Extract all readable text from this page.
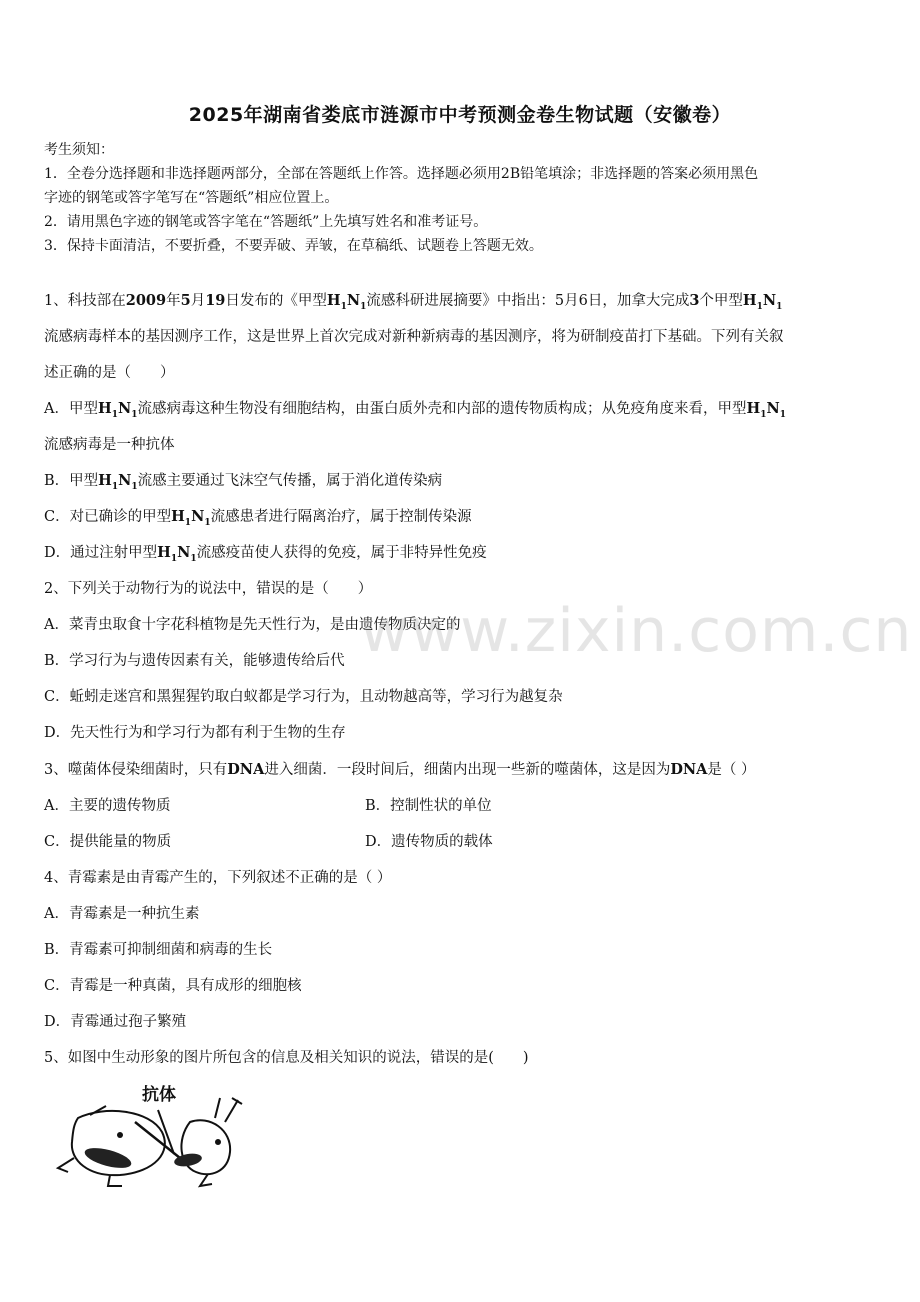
2025年湖南省娄底市涟源市中考预测金卷生物试题（安徽卷）

考生须知：

1．全卷分选择题和非选择题两部分，全部在答题纸上作答。选择题必须用2B铅笔填涂；非选择题的答案必须用黑色

字迹的钢笔或答字笔写在“答题纸”相应位置上。

2．请用黑色字迹的钢笔或答字笔在“答题纸”上先填写姓名和准考证号。

3．保持卡面清洁，不要折叠，不要弄破、弄皱，在草稿纸、试题卷上答题无效。

1、科技部在2009年5月19日发布的《甲型$H_1N_1$流感科研进展摘要》中指出：5月6日，加拿大完成3个甲型$H_1N_1$
流感病毒样本的基因测序工作，这是世界上首次完成对新种新病毒的基因测序，将为研制疫苗打下基础。下列有关叙
述正确的是（　　）
A．甲型$H_1N_1$流感病毒这种生物没有细胞结构，由蛋白质外壳和内部的遗传物质构成；从免疫角度来看，甲型$H_1N_1$
流感病毒是一种抗体
B．甲型$H_1N_1$流感主要通过飞沫空气传播，属于消化道传染病
C．对已确诊的甲型$H_1N_1$流感患者进行隔离治疗，属于控制传染源
D．通过注射甲型$H_1N_1$流感疫苗使人获得的免疫，属于非特异性免疫
2、下列关于动物行为的说法中，错误的是（　　）
A．菜青虫取食十字花科植物是先天性行为，是由遗传物质决定的
B．学习行为与遗传因素有关，能够遗传给后代
C．蚯蚓走迷宫和黑猩猩钓取白蚁都是学习行为，且动物越高等，学习行为越复杂
D．先天性行为和学习行为都有利于生物的生存
3、噬菌体侵染细菌时，只有DNA进入细菌．一段时间后，细菌内出现一些新的噬菌体，这是因为DNA是（ ）
A．主要的遗传物质	B．控制性状的单位
C．提供能量的物质	D．遗传物质的载体
4、青霉素是由青霉产生的，下列叙述不正确的是（ ）
A．青霉素是一种抗生素
B．青霉素可抑制细菌和病毒的生长
C．青霉是一种真菌，具有成形的细胞核
D．青霉通过孢子繁殖
5、如图中生动形象的图片所包含的信息及相关知识的说法，错误的是(　　)
抗体
www.zixin.com.cn
